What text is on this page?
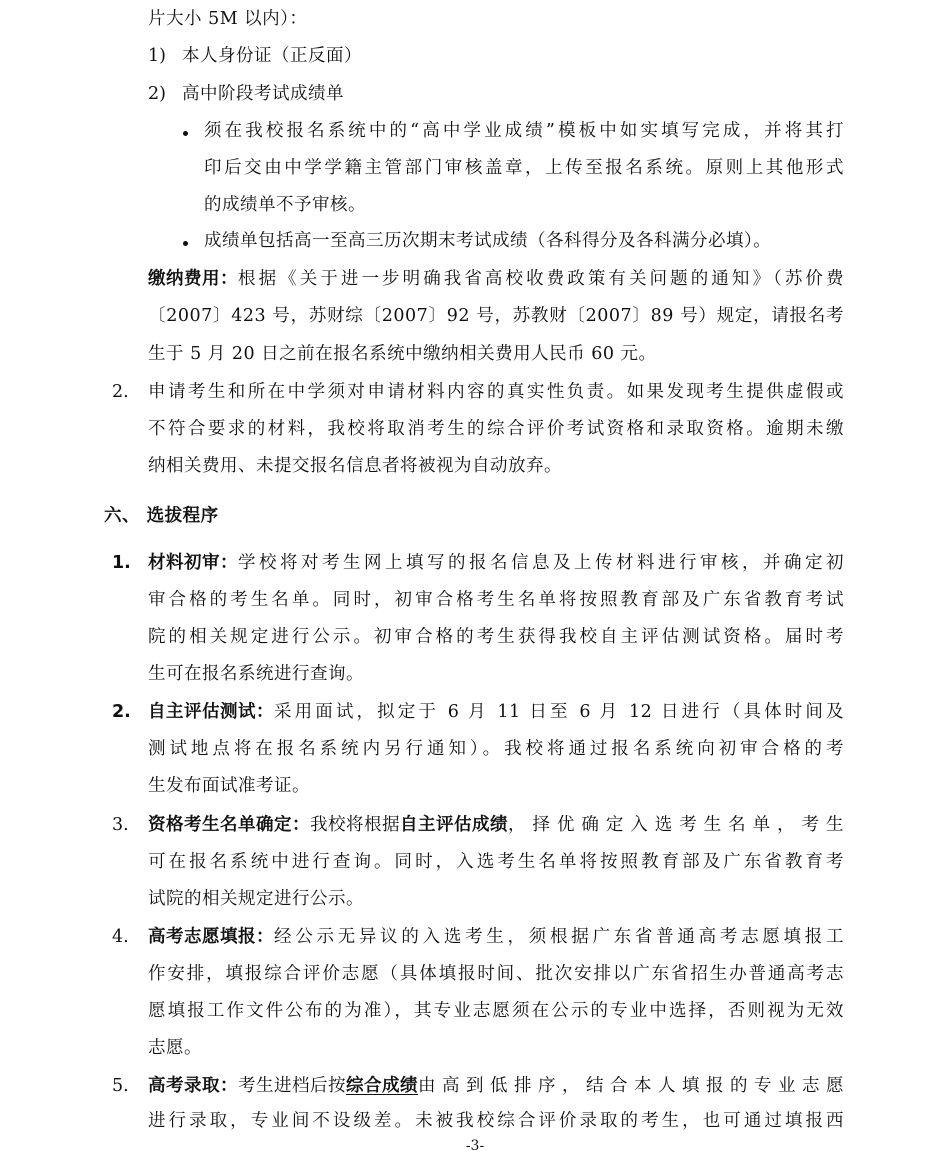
片大小 5M 以内）：
1) 本人身份证（正反面）
2) 高中阶段考试成绩单
须在我校报名系统中的“高中学业成绩”模板中如实填写完成，并将其打
印后交由中学学籍主管部门审核盖章，上传至报名系统。原则上其他形式
的成绩单不予审核。
成绩单包括高一至高三历次期末考试成绩（各科得分及各科满分必填）。
缴纳费用： 根据《关于进一步明确我省高校收费政策有关问题的通知》（苏价费
〔2007〕423 号，苏财综〔2007〕92 号，苏教财〔2007〕89 号）规定，请报名考
生于 5 月 20 日之前在报名系统中缴纳相关费用人民币 60 元。
2. 申请考生和所在中学须对申请材料内容的真实性负责。如果发现考生提供虚假或
不符合要求的材料，我校将取消考生的综合评价考试资格和录取资格。逾期未缴
纳相关费用、未提交报名信息者将被视为自动放弃。
六、 选拔程序
1. 材料初审 ： 学校将对考生网上填写的报名信息及上传材料进行审核，并确定初
审合格的考生名单。同时，初审合格考生名单将按照教育部及广东省教育考试
院的相关规定进行公示。初审合格的考生获得我校自主评估测试资格。届时考
生可在报名系统进行查询。
2. 自主评估测试 ： 采用面试，拟定于 6 月 11 日至 6 月 12 日进行（具体时间及
测试地点将在报名系统内另行通知）。我校将通过报名系统向初审合格的考
生发布面试准考证。
3. 资格考生名单确定 ： 我校将根据 自主评估成绩 ，择优确定入选考生名单，考生
可在报名系统中进行查询。同时，入选考生名单将按照教育部及广东省教育考
试院的相关规定进行公示。
4. 高考志愿填报 ： 经公示无异议的入选考生，须根据广东省普通高考志愿填报工
作安排，填报综合评价志愿（具体填报时间、批次安排以广东省招生办普通高考志
愿填报工作文件公布的为准），其专业志愿须在公示的专业中选择，否则视为无效
志愿。
5. 高考录取 ： 考生进档后按 综合成绩 由高到低排序，结合本人填报的专业志愿
进行录取，专业间不设级差。未被我校综合评价录取的考生，也可通过填报西
-3-
